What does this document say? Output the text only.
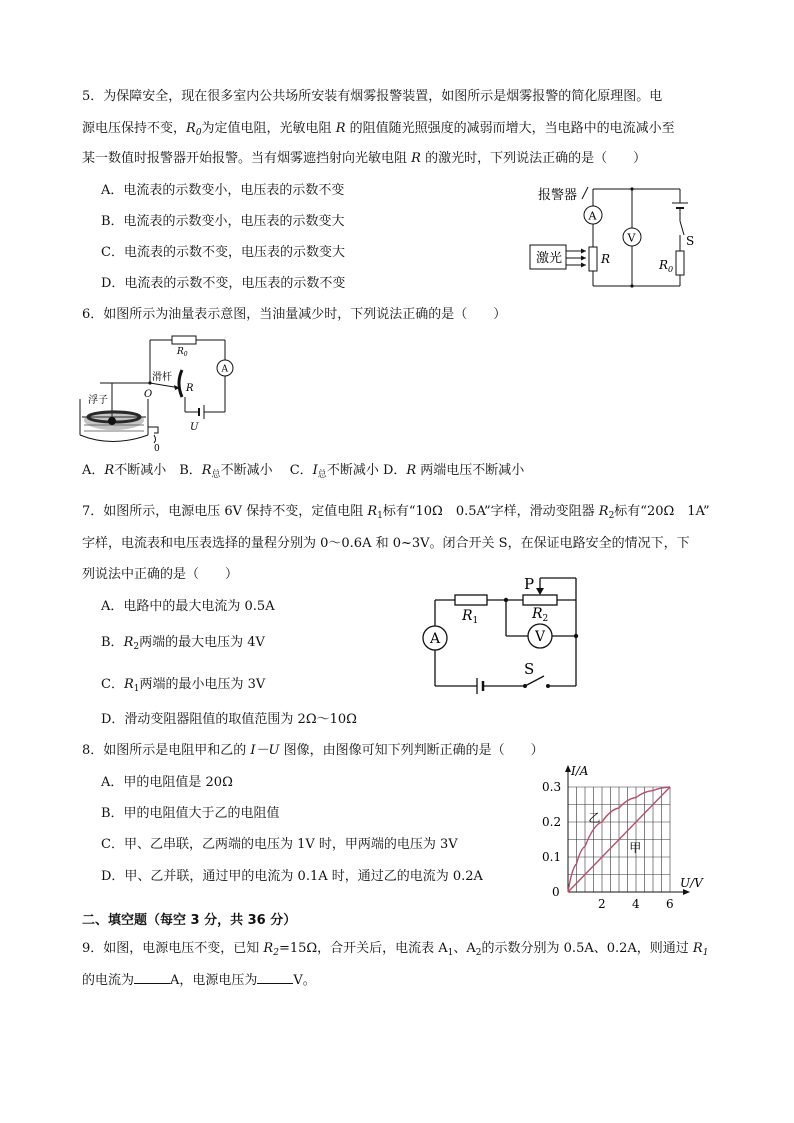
5．为保障安全，现在很多室内公共场所安装有烟雾报警装置，如图所示是烟雾报警的简化原理图。电
源电压保持不变，$R_0$为定值电阻，光敏电阻 R 的阻值随光照强度的减弱而增大，当电路中的电流减小至
某一数值时报警器开始报警。当有烟雾遮挡射向光敏电阻 R 的激光时，下列说法正确的是（　　）
A．电流表的示数变小，电压表的示数不变
B．电流表的示数变小，电压表的示数变大
C．电流表的示数不变，电压表的示数变大
D．电流表的示数不变，电压表的示数不变
报警器
A
V	S
激光	R	$R_0$
6．如图所示为油量表示意图，当油量减少时，下列说法正确的是（　　）
$R_0$
A
滑杆
O
R
浮子
U
0
A．R不断减小　B．$R_总$不断减小　 C．$I_总$不断减小 D．R 两端电压不断减小
7．如图所示，电源电压 6V 保持不变，定值电阻 $R_1$标有“10Ω　0.5A”字样，滑动变阻器 $R_2$标有“20Ω　1A”
字样，电流表和电压表选择的量程分别为 0～0.6A 和 0~3V。闭合开关 S，在保证电路安全的情况下，下
列说法中正确的是（　　）
A．电路中的最大电流为 0.5A
B．$R_2$两端的最大电压为 4V
C．$R_1$两端的最小电压为 3V
D．滑动变阻器阻值的取值范围为 2Ω～10Ω
P
$R_1$	$R_2$
A	V
S
8．如图所示是电阻甲和乙的 I－U 图像，由图像可知下列判断正确的是（　　）
A．甲的电阻值是 20Ω
B．甲的电阻值大于乙的电阻值
C．甲、乙串联，乙两端的电压为 1V 时，甲两端的电压为 3V
D．甲、乙并联，通过甲的电流为 0.1A 时，通过乙的电流为 0.2A
甲
乙
0.1
0.2
0.3
2 4 6
0
I/A
U/V
二、填空题（每空 3 分，共 36 分）
9．如图，电源电压不变，已知 $R_2=15\Omega$，合开关后，电流表 $A_1$、$A_2$的示数分别为 0.5A、0.2A，则通过 $R_1$
的电流为	A，电源电压为	V。
